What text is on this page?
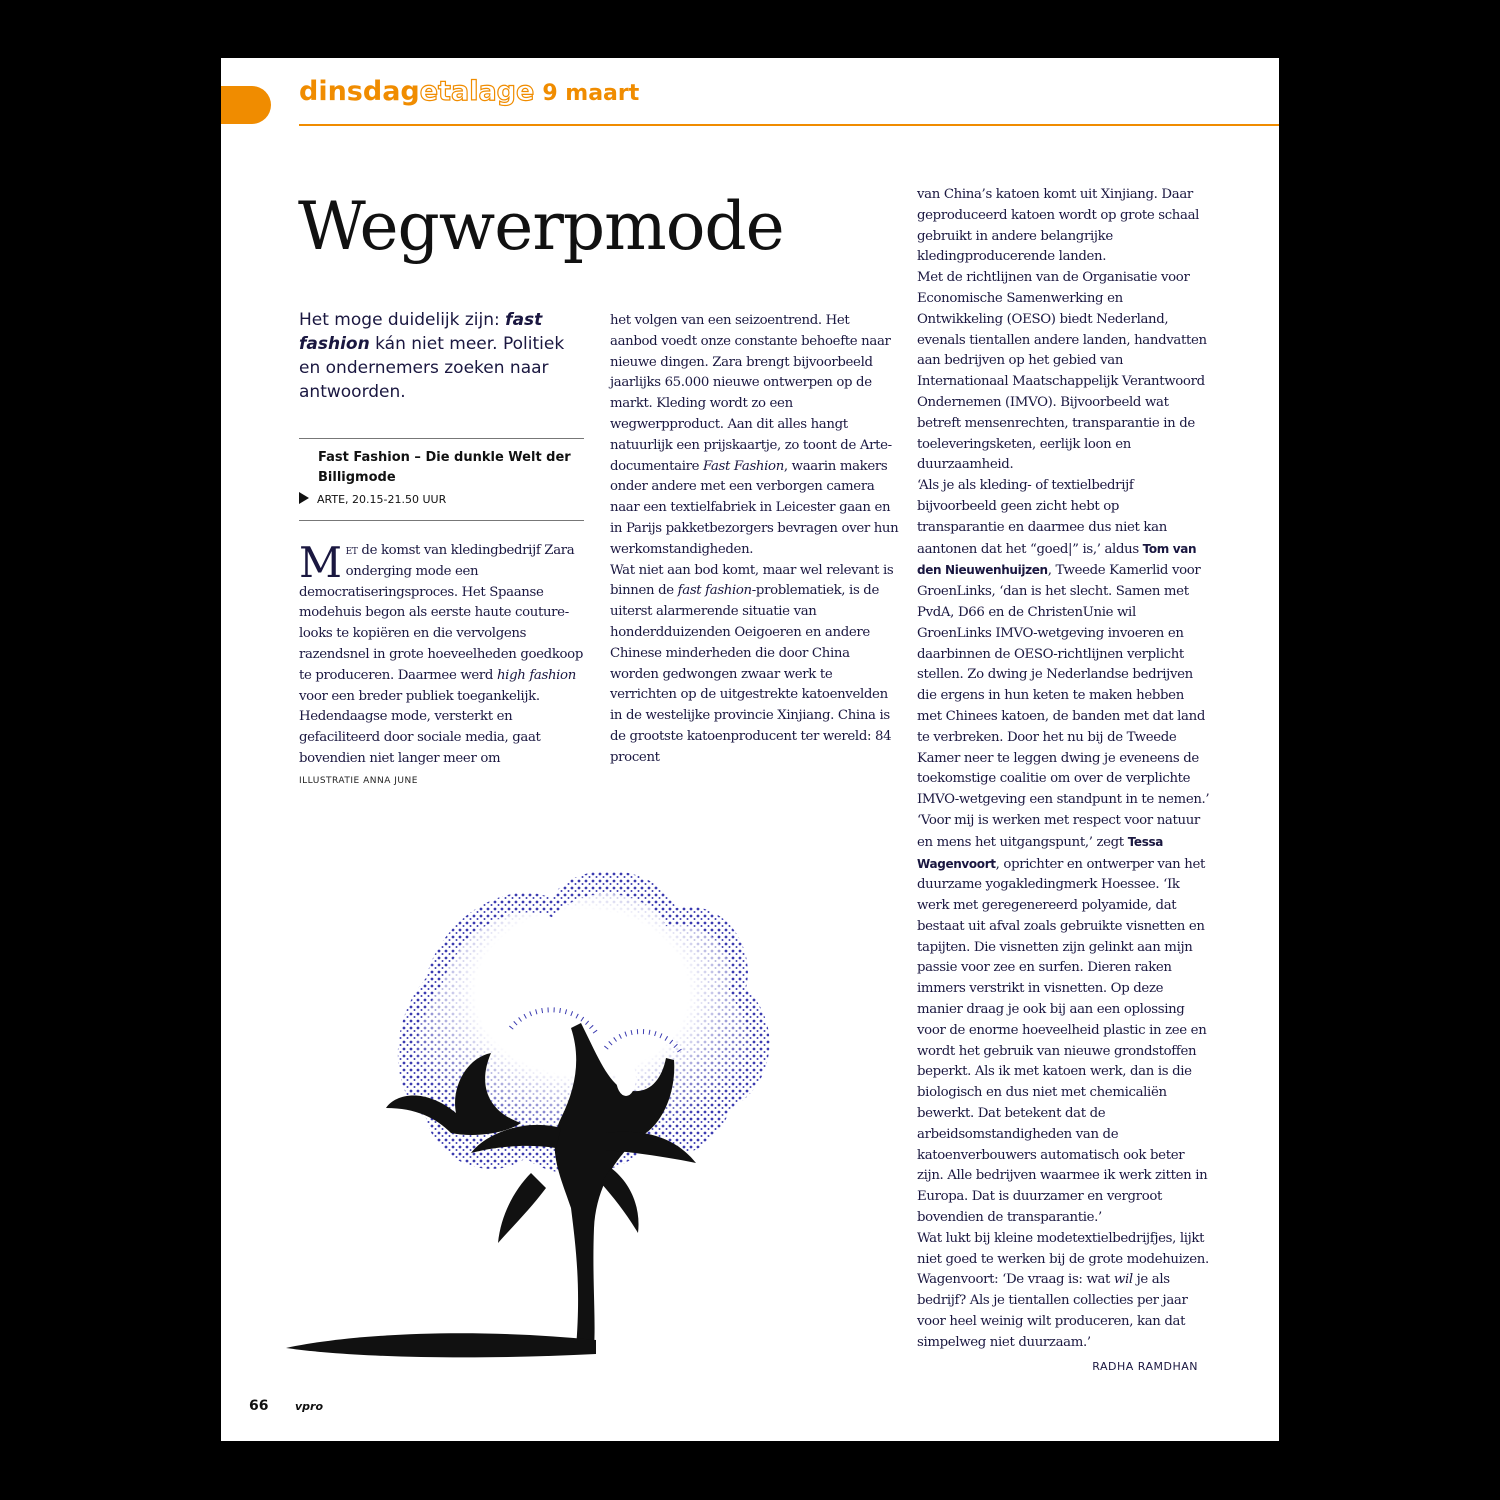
dinsdagetalage 9 maart
Wegwerpmode
Het moge duidelijk zijn: fast fashion kán niet meer. Politiek en ondernemers zoeken naar antwoorden.
Fast Fashion – Die dunkle Welt der Billigmode
ARTE, 20.15-21.50 UUR

Met de komst van kledingbedrijf Zara onderging mode een democratiseringsproces. Het Spaanse modehuis begon als eerste haute couture-looks te kopiëren en die vervolgens razendsnel in grote hoeveelheden goedkoop te produceren. Daarmee werd high fashion voor een breder publiek toegankelijk. Hedendaagse mode, versterkt en gefaciliteerd door sociale media, gaat bovendien niet langer meer om

ILLUSTRATIE ANNA JUNE

het volgen van een seizoentrend. Het aanbod voedt onze constante behoefte naar nieuwe dingen. Zara brengt bijvoorbeeld jaarlijks 65.000 nieuwe ontwerpen op de markt. Kleding wordt zo een wegwerpproduct. Aan dit alles hangt natuurlijk een prijskaartje, zo toont de Arte-documentaire Fast Fashion, waarin makers onder andere met een verborgen camera naar een textielfabriek in Leicester gaan en in Parijs pakketbezorgers bevragen over hun werkomstandigheden.

Wat niet aan bod komt, maar wel relevant is binnen de fast fashion-problematiek, is de uiterst alarmerende situatie van honderdduizenden Oeigoeren en andere Chinese minderheden die door China worden gedwongen zwaar werk te verrichten op de uitgestrekte katoenvelden in de westelijke provincie Xinjiang. China is de grootste katoenproducent ter wereld: 84 procent

van China’s katoen komt uit Xinjiang. Daar geproduceerd katoen wordt op grote schaal gebruikt in andere belangrijke kledingproducerende landen.

Met de richtlijnen van de Organisatie voor Economische Samenwerking en Ontwikkeling (OESO) biedt Nederland, evenals tientallen andere landen, handvatten aan bedrijven op het gebied van Internationaal Maatschappelijk Verantwoord Ondernemen (IMVO). Bijvoorbeeld wat betreft mensenrechten, transparantie in de toeleveringsketen, eerlijk loon en duurzaamheid.

‘Als je als kleding- of textielbedrijf bijvoorbeeld geen zicht hebt op transparantie en daarmee dus niet kan aantonen dat het “goed|” is,’ aldus Tom van den Nieuwenhuijzen, Tweede Kamerlid voor GroenLinks, ‘dan is het slecht. Samen met PvdA, D66 en de ChristenUnie wil GroenLinks IMVO-wetgeving invoeren en daarbinnen de OESO-richtlijnen verplicht stellen. Zo dwing je Nederlandse bedrijven die ergens in hun keten te maken hebben met Chinees katoen, de banden met dat land te verbreken. Door het nu bij de Tweede Kamer neer te leggen dwing je eveneens de toekomstige coalitie om over de verplichte IMVO-wetgeving een standpunt in te nemen.’

‘Voor mij is werken met respect voor natuur en mens het uitgangspunt,’ zegt Tessa Wagenvoort, oprichter en ontwerper van het duurzame yogakledingmerk Hoessee. ‘Ik werk met geregenereerd polyamide, dat bestaat uit afval zoals gebruikte visnetten en tapijten. Die visnetten zijn gelinkt aan mijn passie voor zee en surfen. Dieren raken immers verstrikt in visnetten. Op deze manier draag je ook bij aan een oplossing voor de enorme hoeveelheid plastic in zee en wordt het gebruik van nieuwe grondstoffen beperkt. Als ik met katoen werk, dan is die biologisch en dus niet met chemicaliën bewerkt. Dat betekent dat de arbeidsomstandigheden van de katoenverbouwers automatisch ook beter zijn. Alle bedrijven waarmee ik werk zitten in Europa. Dat is duurzamer en vergroot bovendien de transparantie.’

Wat lukt bij kleine modetextielbedrijfjes, lijkt niet goed te werken bij de grote modehuizen. Wagenvoort: ‘De vraag is: wat wil je als bedrijf? Als je tientallen collecties per jaar voor heel weinig wilt produceren, kan dat simpelweg niet duurzaam.’

RADHA RAMDHAN

66 vpro
